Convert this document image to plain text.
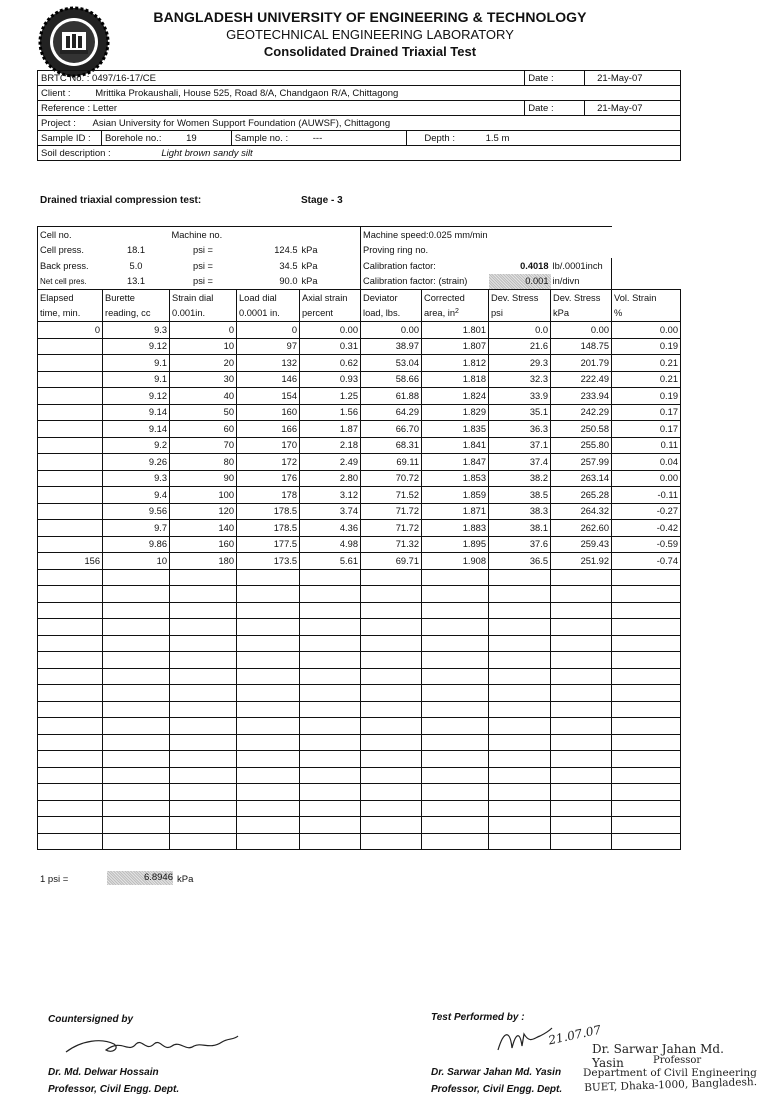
BANGLADESH UNIVERSITY OF ENGINEERING & TECHNOLOGY
GEOTECHNICAL ENGINEERING LABORATORY
Consolidated Drained Triaxial Test
BRTC No. : 0497/16-17/CE				Date :	21-May-07
Client : Mrittika Prokaushali, House 525, Road 8/A, Chandgaon R/A, Chittagong					
Reference : Letter				Date :	21-May-07
Project : Asian University for Women Support Foundation (AUWSF), Chittagong					
Sample ID :	Borehole no.: 19	Sample no. : ---	Depth : 1.5 m		
Soil description : Light brown sandy silt					
Drained triaxial compression test:	Stage - 3
Cell no.		Machine no.			Machine speed:0.025 mm/min				
Cell press.	18.1	psi =	124.5	kPa	Proving ring no.				
Back press.	5.0	psi =	34.5	kPa	Calibration factor:		0.4018	lb/.0001inch	
Net cell pres.	13.1	psi =	90.0	kPa	Calibration factor: (strain)		0.001	in/divn	
Elapsed	Burette	Strain dial	Load dial	Axial strain	Deviator	Corrected	Dev. Stress	Dev. Stress	Vol. Strain
time, min.	reading, cc	0.001in.	0.0001 in.	percent	load, lbs.	area, $in^2$	psi	kPa	%
0	9.3	0	0	0.00	0.00	1.801	0.0	0.00	0.00
	9.12	10	97	0.31	38.97	1.807	21.6	148.75	0.19
	9.1	20	132	0.62	53.04	1.812	29.3	201.79	0.21
	9.1	30	146	0.93	58.66	1.818	32.3	222.49	0.21
	9.12	40	154	1.25	61.88	1.824	33.9	233.94	0.19
	9.14	50	160	1.56	64.29	1.829	35.1	242.29	0.17
	9.14	60	166	1.87	66.70	1.835	36.3	250.58	0.17
	9.2	70	170	2.18	68.31	1.841	37.1	255.80	0.11
	9.26	80	172	2.49	69.11	1.847	37.4	257.99	0.04
	9.3	90	176	2.80	70.72	1.853	38.2	263.14	0.00
	9.4	100	178	3.12	71.52	1.859	38.5	265.28	-0.11
	9.56	120	178.5	3.74	71.72	1.871	38.3	264.32	-0.27
	9.7	140	178.5	4.36	71.72	1.883	38.1	262.60	-0.42
	9.86	160	177.5	4.98	71.32	1.895	37.6	259.43	-0.59
156	10	180	173.5	5.61	69.71	1.908	36.5	251.92	-0.74

1 psi =	6.8946 kPa
Countersigned by
Dr. Md. Delwar Hossain
Professor, Civil Engg. Dept.
Test Performed by :
21.07.07
Dr. Sarwar Jahan Md. Yasin	Professor
Department of Civil Engineering
BUET, Dhaka-1000, Bangladesh.
Dr. Sarwar Jahan Md. Yasin
Professor, Civil Engg. Dept.
